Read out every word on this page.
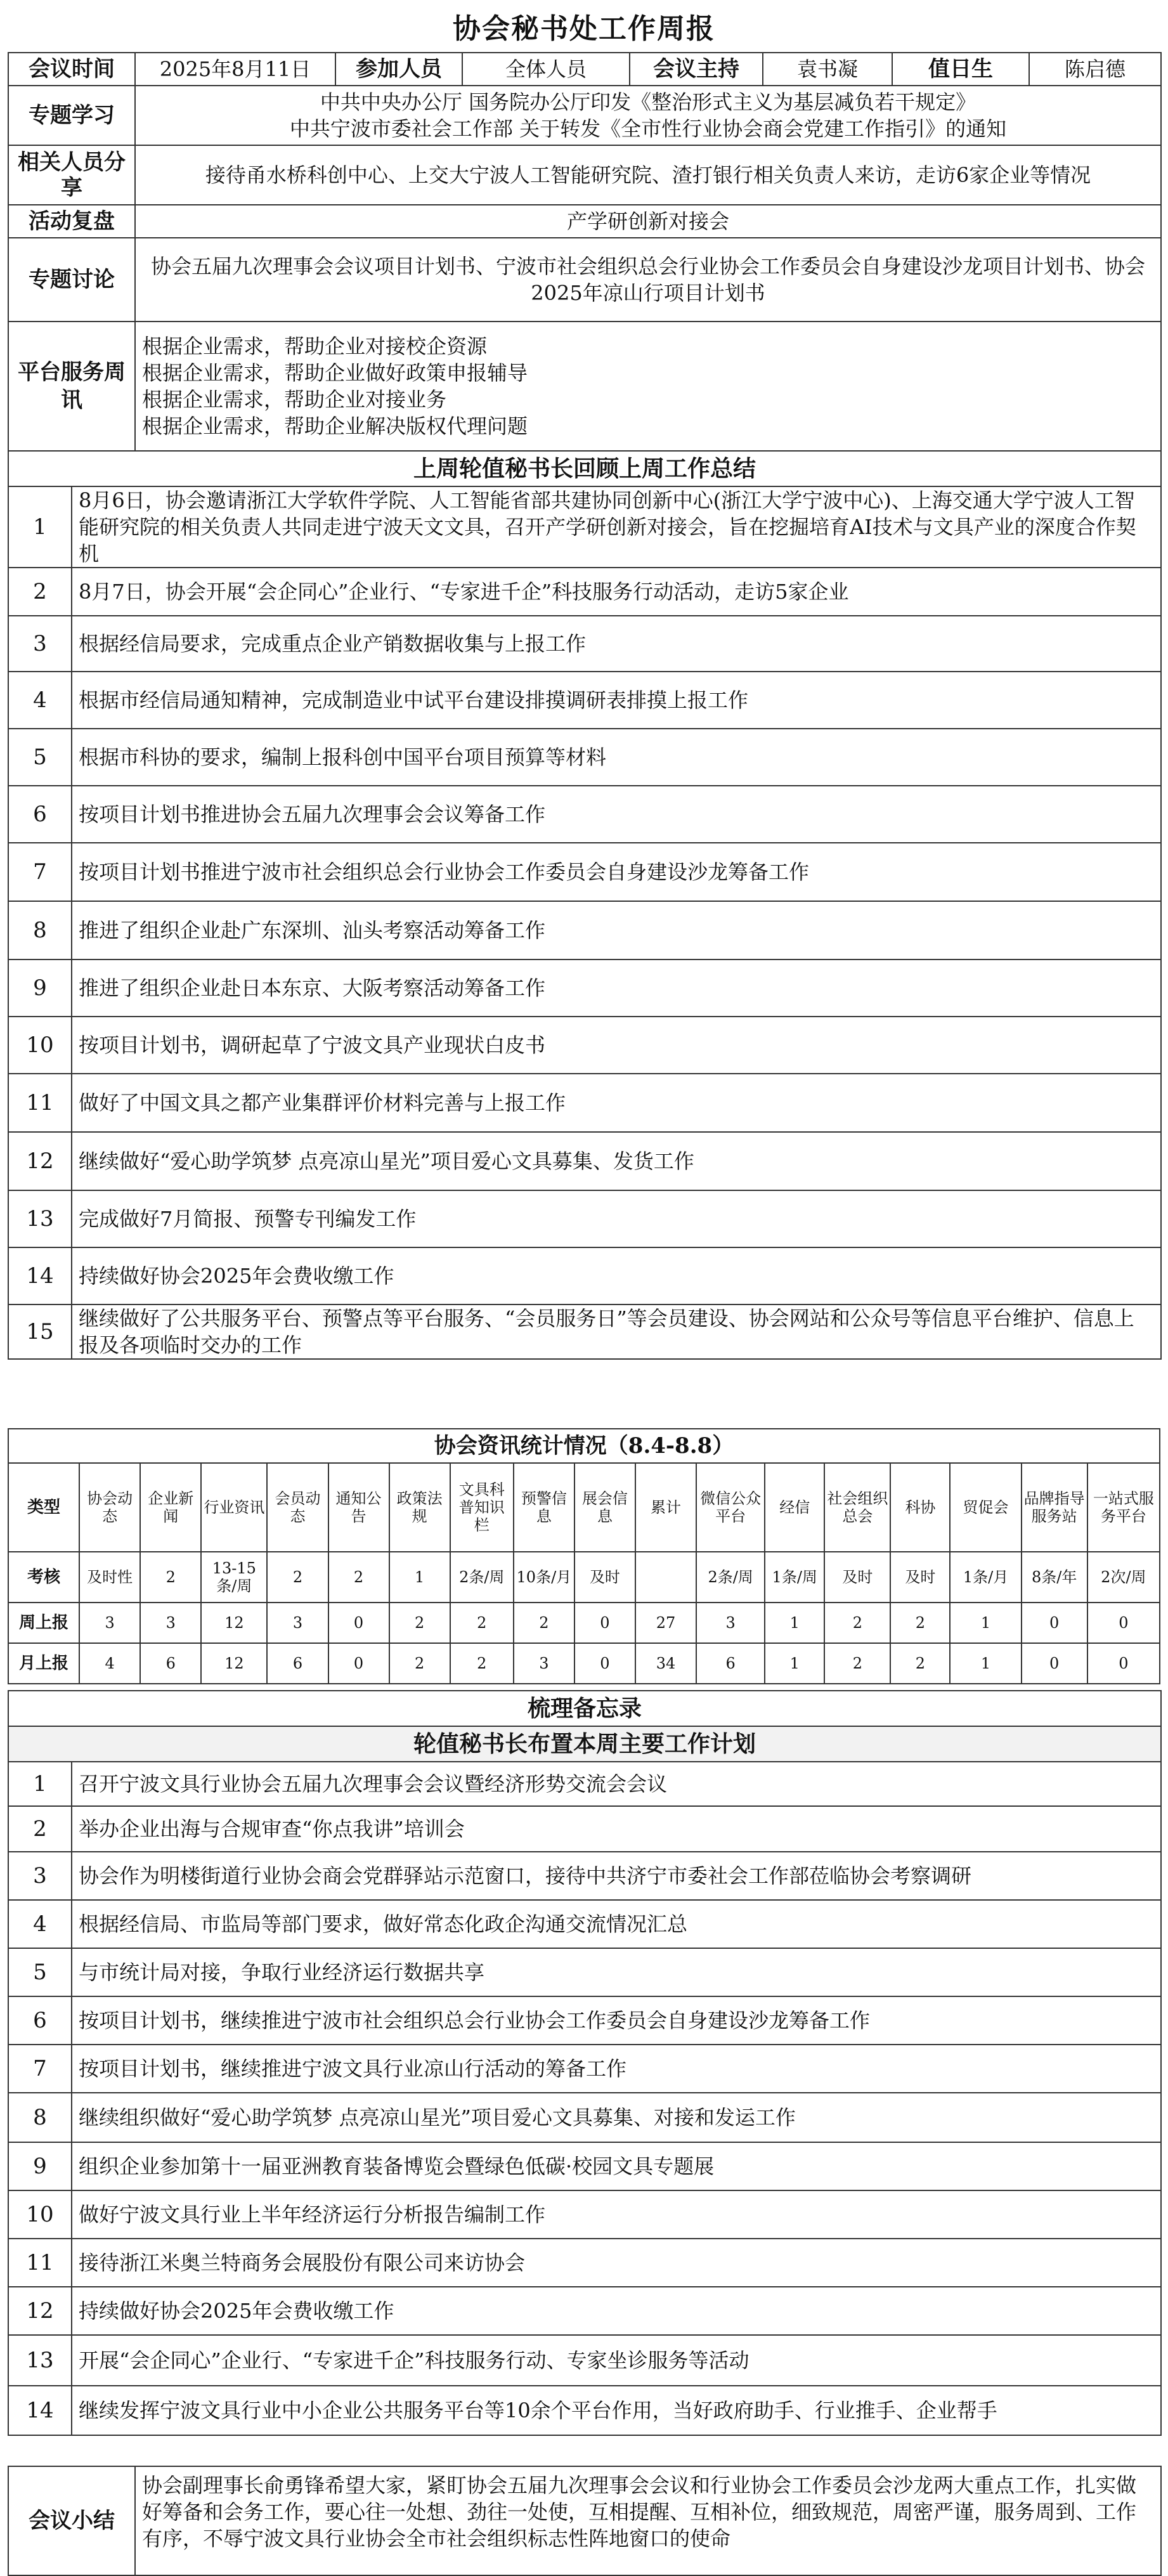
协会秘书处工作周报
会议时间	2025年8月11日	参加人员	全体人员	会议主持	袁书凝	值日生	陈启德
专题学习	中共中央办公厅 国务院办公厅印发《整治形式主义为基层减负若干规定》
中共宁波市委社会工作部 关于转发《全市性行业协会商会党建工作指引》的通知						

相关人员分享	接待甬水桥科创中心、上交大宁波人工智能研究院、渣打银行相关负责人来访，走访6家企业等情况						
活动复盘	产学研创新对接会						
专题讨论	协会五届九次理事会会议项目计划书、宁波市社会组织总会行业协会工作委员会自身建设沙龙项目计划书、协会2025年凉山行项目计划书						
平台服务周讯	根据企业需求，帮助企业对接校企资源
根据企业需求，帮助企业做好政策申报辅导
根据企业需求，帮助企业对接业务
根据企业需求，帮助企业解决版权代理问题						
上周轮值秘书长回顾上周工作总结	
1	8月6日，协会邀请浙江大学软件学院、人工智能省部共建协同创新中心(浙江大学宁波中心)、上海交通大学宁波人工智能研究院的相关负责人共同走进宁波天文文具，召开产学研创新对接会，旨在挖掘培育AI技术与文具产业的深度合作契机
2	8月7日，协会开展“会企同心”企业行、“专家进千企”科技服务行动活动，走访5家企业
3	根据经信局要求，完成重点企业产销数据收集与上报工作
4	根据市经信局通知精神，完成制造业中试平台建设排摸调研表排摸上报工作
5	根据市科协的要求，编制上报科创中国平台项目预算等材料
6	按项目计划书推进协会五届九次理事会会议筹备工作
7	按项目计划书推进宁波市社会组织总会行业协会工作委员会自身建设沙龙筹备工作
8	推进了组织企业赴广东深圳、汕头考察活动筹备工作
9	推进了组织企业赴日本东京、大阪考察活动筹备工作
10	按项目计划书，调研起草了宁波文具产业现状白皮书
11	做好了中国文具之都产业集群评价材料完善与上报工作
12	继续做好“爱心助学筑梦 点亮凉山星光”项目爱心文具募集、发货工作
13	完成做好7月简报、预警专刊编发工作
14	持续做好协会2025年会费收缴工作
15	继续做好了公共服务平台、预警点等平台服务、“会员服务日”等会员建设、协会网站和公众号等信息平台维护、信息上报及各项临时交办的工作
协会资讯统计情况（8.4-8.8）																	
类型	协会动态	企业新闻	行业资讯	会员动态	通知公告	政策法规	文具科普知识栏	预警信息	展会信息	累计	微信公众平台	经信	社会组织总会	科协	贸促会	品牌指导服务站	一站式服务平台
考核	及时性	2	13-15条/周	2	2	1	2条/周	10条/月	及时		2条/周	1条/周	及时	及时	1条/月	8条/年	2次/周
周上报	3	3	12	3	0	2	2	2	0	27	3	1	2	2	1	0	0
月上报	4	6	12	6	0	2	2	3	0	34	6	1	2	2	1	0	0
梳理备忘录	
轮值秘书长布置本周主要工作计划	
1	召开宁波文具行业协会五届九次理事会会议暨经济形势交流会会议
2	举办企业出海与合规审查“你点我讲”培训会
3	协会作为明楼街道行业协会商会党群驿站示范窗口，接待中共济宁市委社会工作部莅临协会考察调研
4	根据经信局、市监局等部门要求，做好常态化政企沟通交流情况汇总
5	与市统计局对接，争取行业经济运行数据共享
6	按项目计划书，继续推进宁波市社会组织总会行业协会工作委员会自身建设沙龙筹备工作
7	按项目计划书，继续推进宁波文具行业凉山行活动的筹备工作
8	继续组织做好“爱心助学筑梦 点亮凉山星光”项目爱心文具募集、对接和发运工作
9	组织企业参加第十一届亚洲教育装备博览会暨绿色低碳·校园文具专题展
10	做好宁波文具行业上半年经济运行分析报告编制工作
11	接待浙江米奥兰特商务会展股份有限公司来访协会
12	持续做好协会2025年会费收缴工作
13	开展“会企同心”企业行、“专家进千企”科技服务行动、专家坐诊服务等活动
14	继续发挥宁波文具行业中小企业公共服务平台等10余个平台作用，当好政府助手、行业推手、企业帮手
会议小结	协会副理事长俞勇锋希望大家，紧盯协会五届九次理事会会议和行业协会工作委员会沙龙两大重点工作，扎实做好筹备和会务工作，要心往一处想、劲往一处使，互相提醒、互相补位，细致规范，周密严谨，服务周到、工作有序，不辱宁波文具行业协会全市社会组织标志性阵地窗口的使命
